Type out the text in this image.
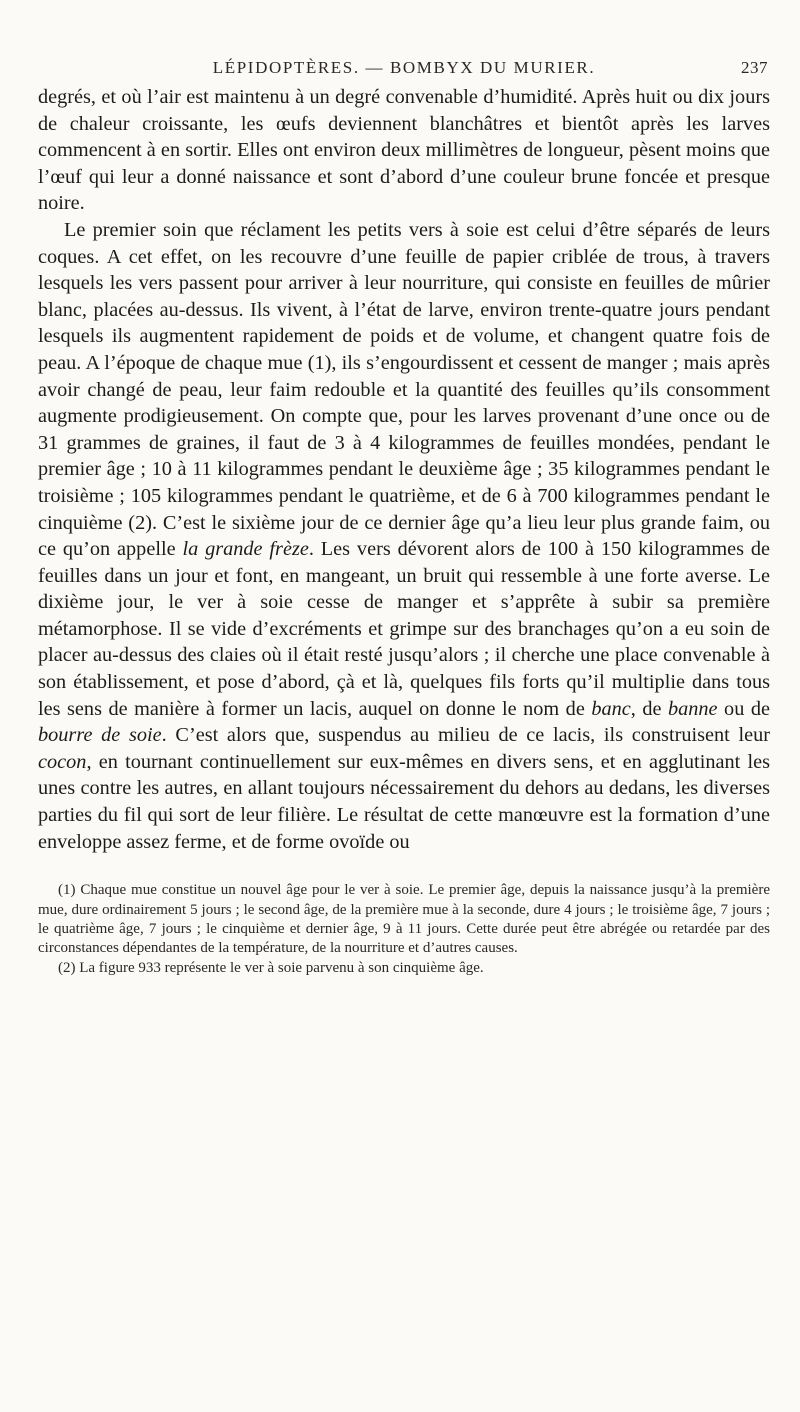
LÉPIDOPTÈRES. — BOMBYX DU MURIER.	237

degrés, et où l’air est maintenu à un degré convenable d’humidité. Après huit ou dix jours de chaleur croissante, les œufs deviennent blanchâtres et bientôt après les larves commencent à en sortir. Elles ont environ deux millimètres de longueur, pèsent moins que l’œuf qui leur a donné naissance et sont d’abord d’une couleur brune foncée et presque noire.

Le premier soin que réclament les petits vers à soie est celui d’être séparés de leurs coques. A cet effet, on les recouvre d’une feuille de papier criblée de trous, à travers lesquels les vers passent pour arriver à leur nourriture, qui consiste en feuilles de mûrier blanc, placées au-dessus. Ils vivent, à l’état de larve, environ trente-quatre jours pendant lesquels ils augmentent rapidement de poids et de volume, et changent quatre fois de peau. A l’époque de chaque mue (1), ils s’engourdissent et cessent de manger ; mais après avoir changé de peau, leur faim redouble et la quantité des feuilles qu’ils consomment augmente prodigieusement. On compte que, pour les larves provenant d’une once ou de 31 grammes de graines, il faut de 3 à 4 kilogrammes de feuilles mondées, pendant le premier âge ; 10 à 11 kilogrammes pendant le deuxième âge ; 35 kilogrammes pendant le troisième ; 105 kilogrammes pendant le quatrième, et de 6 à 700 kilogrammes pendant le cinquième (2). C’est le sixième jour de ce dernier âge qu’a lieu leur plus grande faim, ou ce qu’on appelle la grande frèze. Les vers dévorent alors de 100 à 150 kilogrammes de feuilles dans un jour et font, en mangeant, un bruit qui ressemble à une forte averse. Le dixième jour, le ver à soie cesse de manger et s’apprête à subir sa première métamorphose. Il se vide d’excréments et grimpe sur des branchages qu’on a eu soin de placer au-dessus des claies où il était resté jusqu’alors ; il cherche une place convenable à son établissement, et pose d’abord, çà et là, quelques fils forts qu’il multiplie dans tous les sens de manière à former un lacis, auquel on donne le nom de banc, de banne ou de bourre de soie. C’est alors que, suspendus au milieu de ce lacis, ils construisent leur cocon, en tournant continuellement sur eux-mêmes en divers sens, et en agglutinant les unes contre les autres, en allant toujours nécessairement du dehors au dedans, les diverses parties du fil qui sort de leur filière. Le résultat de cette manœuvre est la formation d’une enveloppe assez ferme, et de forme ovoïde ou

(1) Chaque mue constitue un nouvel âge pour le ver à soie. Le premier âge, depuis la naissance jusqu’à la première mue, dure ordinairement 5 jours ; le second âge, de la première mue à la seconde, dure 4 jours ; le troisième âge, 7 jours ; le quatrième âge, 7 jours ; le cinquième et dernier âge, 9 à 11 jours. Cette durée peut être abrégée ou retardée par des circonstances dépendantes de la température, de la nourriture et d’autres causes.

(2) La figure 933 représente le ver à soie parvenu à son cinquième âge.
